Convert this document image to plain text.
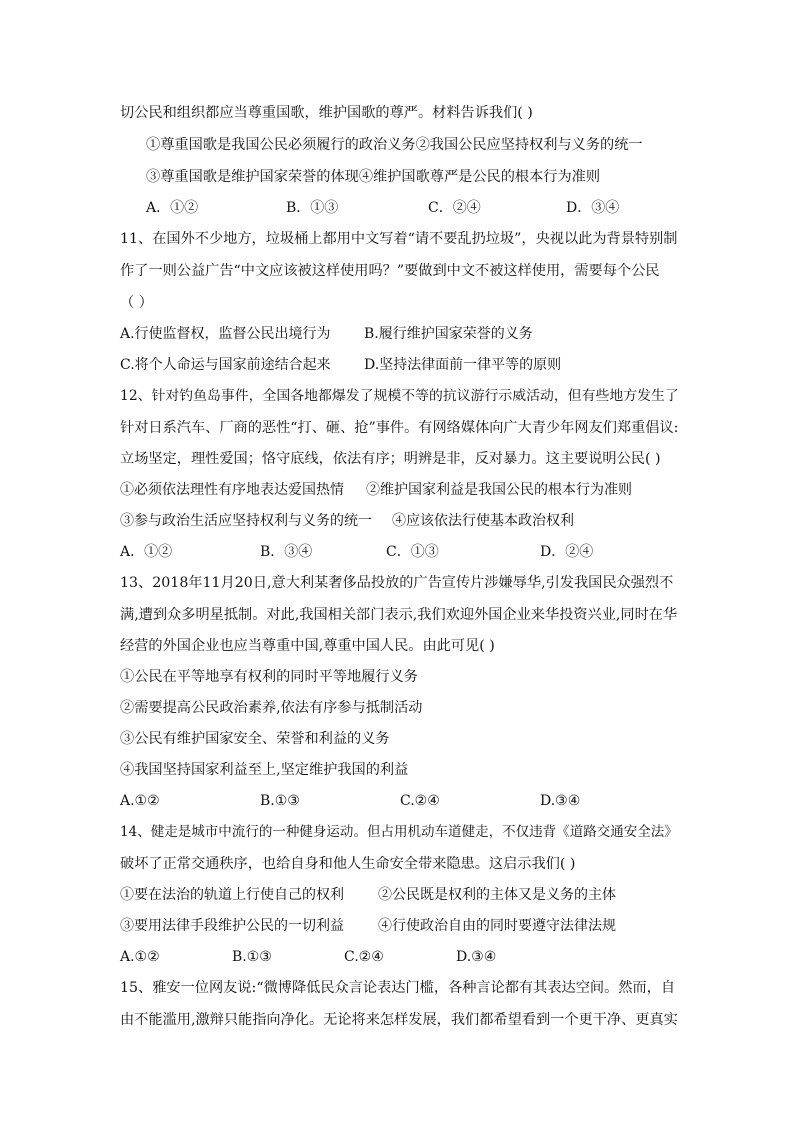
切公民和组织都应当尊重国歌，维护国歌的尊严。材料告诉我们( )
①尊重国歌是我国公民必须履行的政治义务②我国公民应坚持权利与义务的统一
③尊重国歌是维护国家荣誉的体现④维护国歌尊严是公民的根本行为准则
A．①②	B．①③	C．②④	D．③④
11、在国外不少地方，垃圾桶上都用中文写着“请不要乱扔垃圾”，央视以此为背景特别制
作了一则公益广告“中文应该被这样使用吗？”要做到中文不被这样使用，需要每个公民
（ ）
A.行使监督权，监督公民出境行为 B.履行维护国家荣誉的义务
C.将个人命运与国家前途结合起来 D.坚持法律面前一律平等的原则
12、针对钓鱼岛事件，全国各地都爆发了规模不等的抗议游行示威活动，但有些地方发生了
针对日系汽车、厂商的恶性“打、砸、抢”事件。有网络媒体向广大青少年网友们郑重倡议:
立场坚定，理性爱国；恪守底线，依法有序；明辨是非，反对暴力。这主要说明公民( )
①必须依法理性有序地表达爱国热情 ②维护国家利益是我国公民的根本行为准则
③参与政治生活应坚持权利与义务的统一 ④应该依法行使基本政治权利
A．①②	B．③④	C．①③	D．②④
13、2018年11月20日,意大利某奢侈品投放的广告宣传片涉嫌辱华,引发我国民众强烈不
满,遭到众多明星抵制。对此,我国相关部门表示,我们欢迎外国企业来华投资兴业,同时在华
经营的外国企业也应当尊重中国,尊重中国人民。由此可见( )
①公民在平等地享有权利的同时平等地履行义务
②需要提高公民政治素养,依法有序参与抵制活动
③公民有维护国家安全、荣誉和利益的义务
④我国坚持国家利益至上,坚定维护我国的利益
A.①②	B.①③	C.②④	D.③④
14、健走是城市中流行的一种健身运动。但占用机动车道健走，不仅违背《道路交通安全法》
破坏了正常交通秩序，也给自身和他人生命安全带来隐患。这启示我们( )
①要在法治的轨道上行使自己的权利 ②公民既是权利的主体又是义务的主体
③要用法律手段维护公民的一切利益 ④行使政治自由的同时要遵守法律法规
A.①②	B.①③	C.②④	D.③④
15、雅安一位网友说:“微博降低民众言论表达门槛，各种言论都有其表达空间。然而，自
由不能滥用,激辩只能指向净化。无论将来怎样发展，我们都希望看到一个更干净、更真实
